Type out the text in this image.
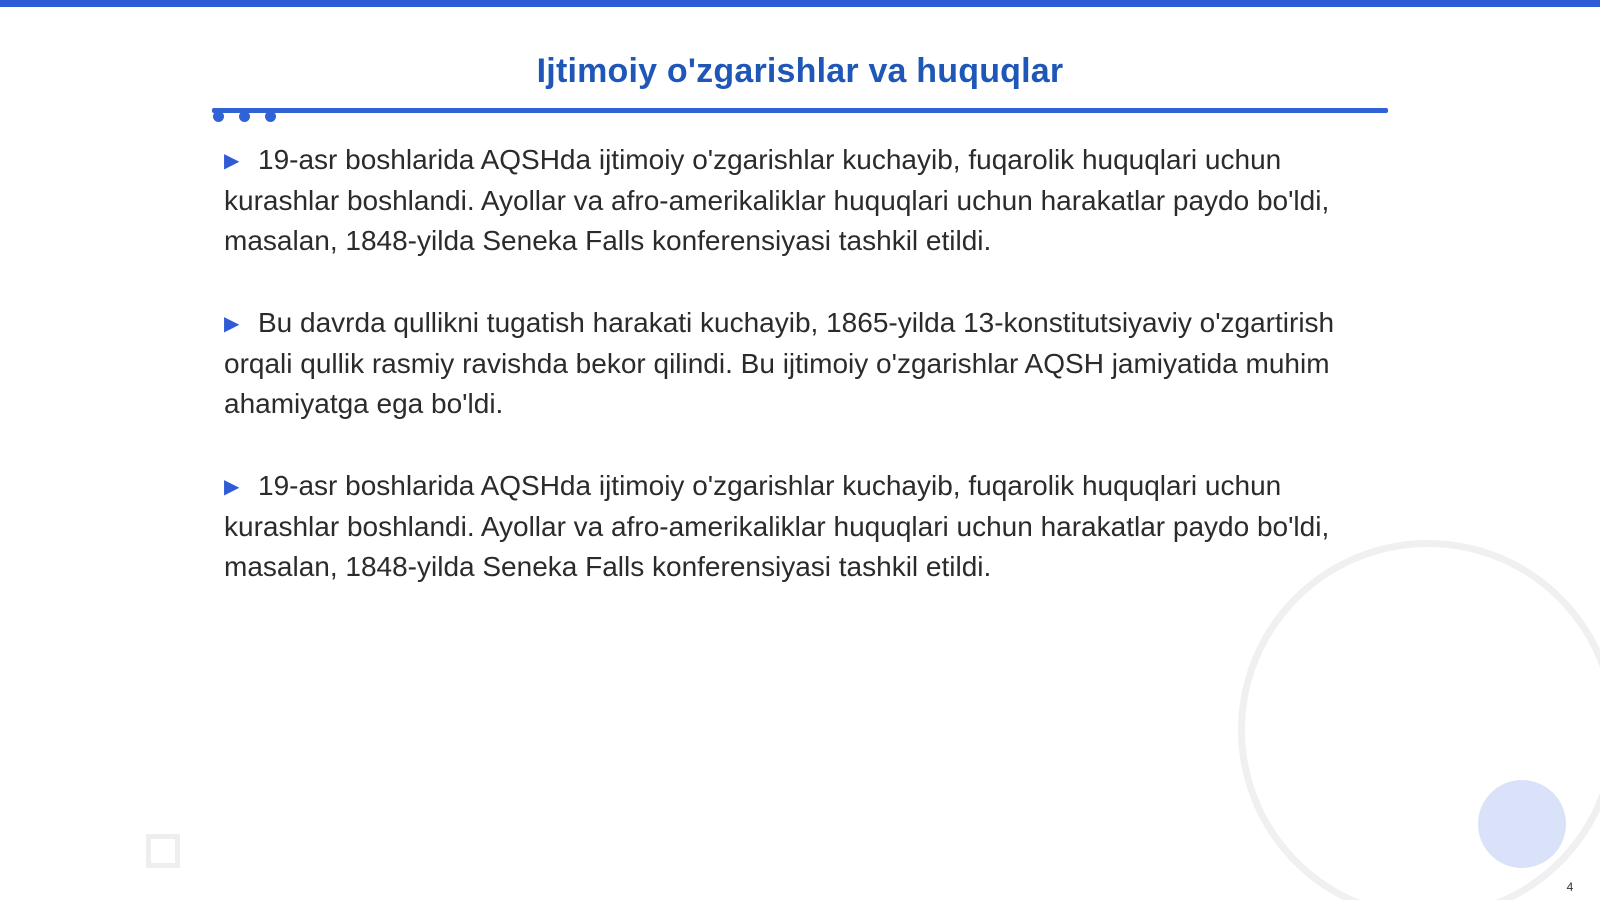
Ijtimoiy o'zgarishlar va huquqlar

▶ 19-asr boshlarida AQSHda ijtimoiy o'zgarishlar kuchayib, fuqarolik huquqlari uchun kurashlar boshlandi. Ayollar va afro-amerikaliklar huquqlari uchun harakatlar paydo bo'ldi, masalan, 1848-yilda Seneka Falls konferensiyasi tashkil etildi.

▶ Bu davrda qullikni tugatish harakati kuchayib, 1865-yilda 13-konstitutsiyaviy o'zgartirish orqali qullik rasmiy ravishda bekor qilindi. Bu ijtimoiy o'zgarishlar AQSH jamiyatida muhim ahamiyatga ega bo'ldi.

▶ 19-asr boshlarida AQSHda ijtimoiy o'zgarishlar kuchayib, fuqarolik huquqlari uchun kurashlar boshlandi. Ayollar va afro-amerikaliklar huquqlari uchun harakatlar paydo bo'ldi, masalan, 1848-yilda Seneka Falls konferensiyasi tashkil etildi.

4
